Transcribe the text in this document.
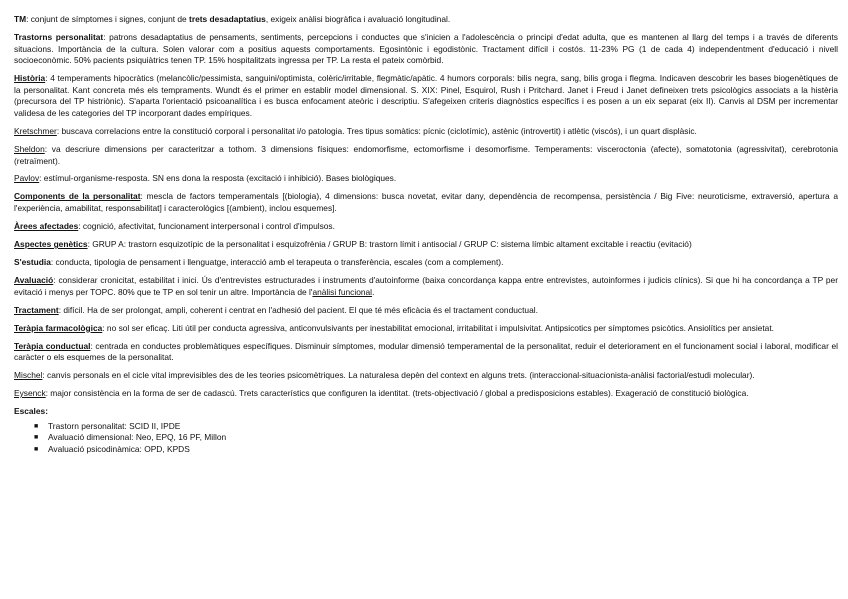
TM: conjunt de símptomes i signes, conjunt de trets desadaptatius, exigeix anàlisi biogràfica i avaluació longitudinal.

Trastorns personalitat: patrons desadaptatius de pensaments, sentiments, percepcions i conductes que s'inicien a l'adolescència o principi d'edat adulta, que es mantenen al llarg del temps i a través de diferents situacions. Importància de la cultura. Solen valorar com a positius aquests comportaments. Egosintònic i egodistònic. Tractament difícil i costós. 11-23% PG (1 de cada 4) independentment d'educació i nivell socioeconòmic. 50% pacients psiquiàtrics tenen TP. 15% hospitalitzats ingressa per TP. La resta el pateix comòrbid.

Història: 4 temperaments hipocràtics (melancòlic/pessimista, sanguini/optimista, colèric/irritable, flegmàtic/apàtic. 4 humors corporals: bilis negra, sang, bilis groga i flegma. Indicaven descobrir les bases biogenètiques de la personalitat. Kant concreta més els tempraments. Wundt és el primer en establir model dimensional. S. XIX: Pinel, Esquirol, Rush i Pritchard. Janet i Freud i Janet defineixen trets psicològics associats a la histèria (precursora del TP histriònic). S'aparta l'orientació psicoanalítica i es busca enfocament ateòric i descriptiu. S'afegeixen criteris diagnòstics específics i es posen a un eix separat (eix II). Canvis al DSM per incrementar validesa de les categories del TP incorporant dades empíriques.

Kretschmer: buscava correlacions entre la constitució corporal i personalitat i/o patologia. Tres tipus somàtics: pícnic (ciclotímic), astènic (introvertit) i atlètic (viscós), i un quart displàsic.

Sheldon: va descriure dimensions per caracteritzar a tothom. 3 dimensions físiques: endomorfisme, ectomorfisme i desomorfisme. Temperaments: visceroctonia (afecte), somatotonia (agressivitat), cerebrotonia (retraïment).

Pavlov: estímul-organisme-resposta. SN ens dona la resposta (excitació i inhibició). Bases biològiques.

Components de la personalitat: mescla de factors temperamentals [(biologia), 4 dimensions: busca novetat, evitar dany, dependència de recompensa, persistència / Big Five: neuroticisme, extraversió, apertura a l'experiència, amabilitat, responsabilitat] i caracterològics [(ambient), inclou esquemes].

Àrees afectades: cognició, afectivitat, funcionament interpersonal i control d'impulsos.

Aspectes genètics: GRUP A: trastorn esquizotípic de la personalitat i esquizofrènia / GRUP B: trastorn límit i antisocial / GRUP C: sistema límbic altament excitable i reactiu (evitació)

S'estudia: conducta, tipologia de pensament i llenguatge, interacció amb el terapeuta o transferència, escales (com a complement).

Avaluació: considerar cronicitat, estabilitat i inici. Ús d'entrevistes estructurades i instruments d'autoinforme (baixa concordança kappa entre entrevistes, autoinformes i judicis clínics). Si que hi ha concordança a TP per evitació i menys per TOPC. 80% que te TP en sol tenir un altre. Importància de l'anàlisi funcional.

Tractament: difícil. Ha de ser prolongat, ampli, coherent i centrat en l'adhesió del pacient. El que té més eficàcia és el tractament conductual.

Teràpia farmacològica: no sol ser eficaç. Liti útil per conducta agressiva, anticonvulsivants per inestabilitat emocional, irritabilitat i impulsivitat. Antipsicotics per símptomes psicòtics. Ansiolítics per ansietat.

Teràpia conductual: centrada en conductes problemàtiques específiques. Disminuir símptomes, modular dimensió temperamental de la personalitat, reduir el deteriorament en el funcionament social i laboral, modificar el caràcter o els esquemes de la personalitat.

Mischel: canvis personals en el cicle vital imprevisibles des de les teories psicomètriques. La naturalesa depèn del context en alguns trets. (interaccional-situacionista-anàlisi factorial/estudi molecular).

Eysenck: major consistència en la forma de ser de cadascú. Trets característics que configuren la identitat. (trets-objectivació / global a predisposicions estables). Exageració de constitució biològica.

Escales:

■ Trastorn personalitat: SCID II, IPDE
■ Avaluació dimensional: Neo, EPQ, 16 PF, Millon
■ Avaluació psicodinàmica: OPD, KPDS
